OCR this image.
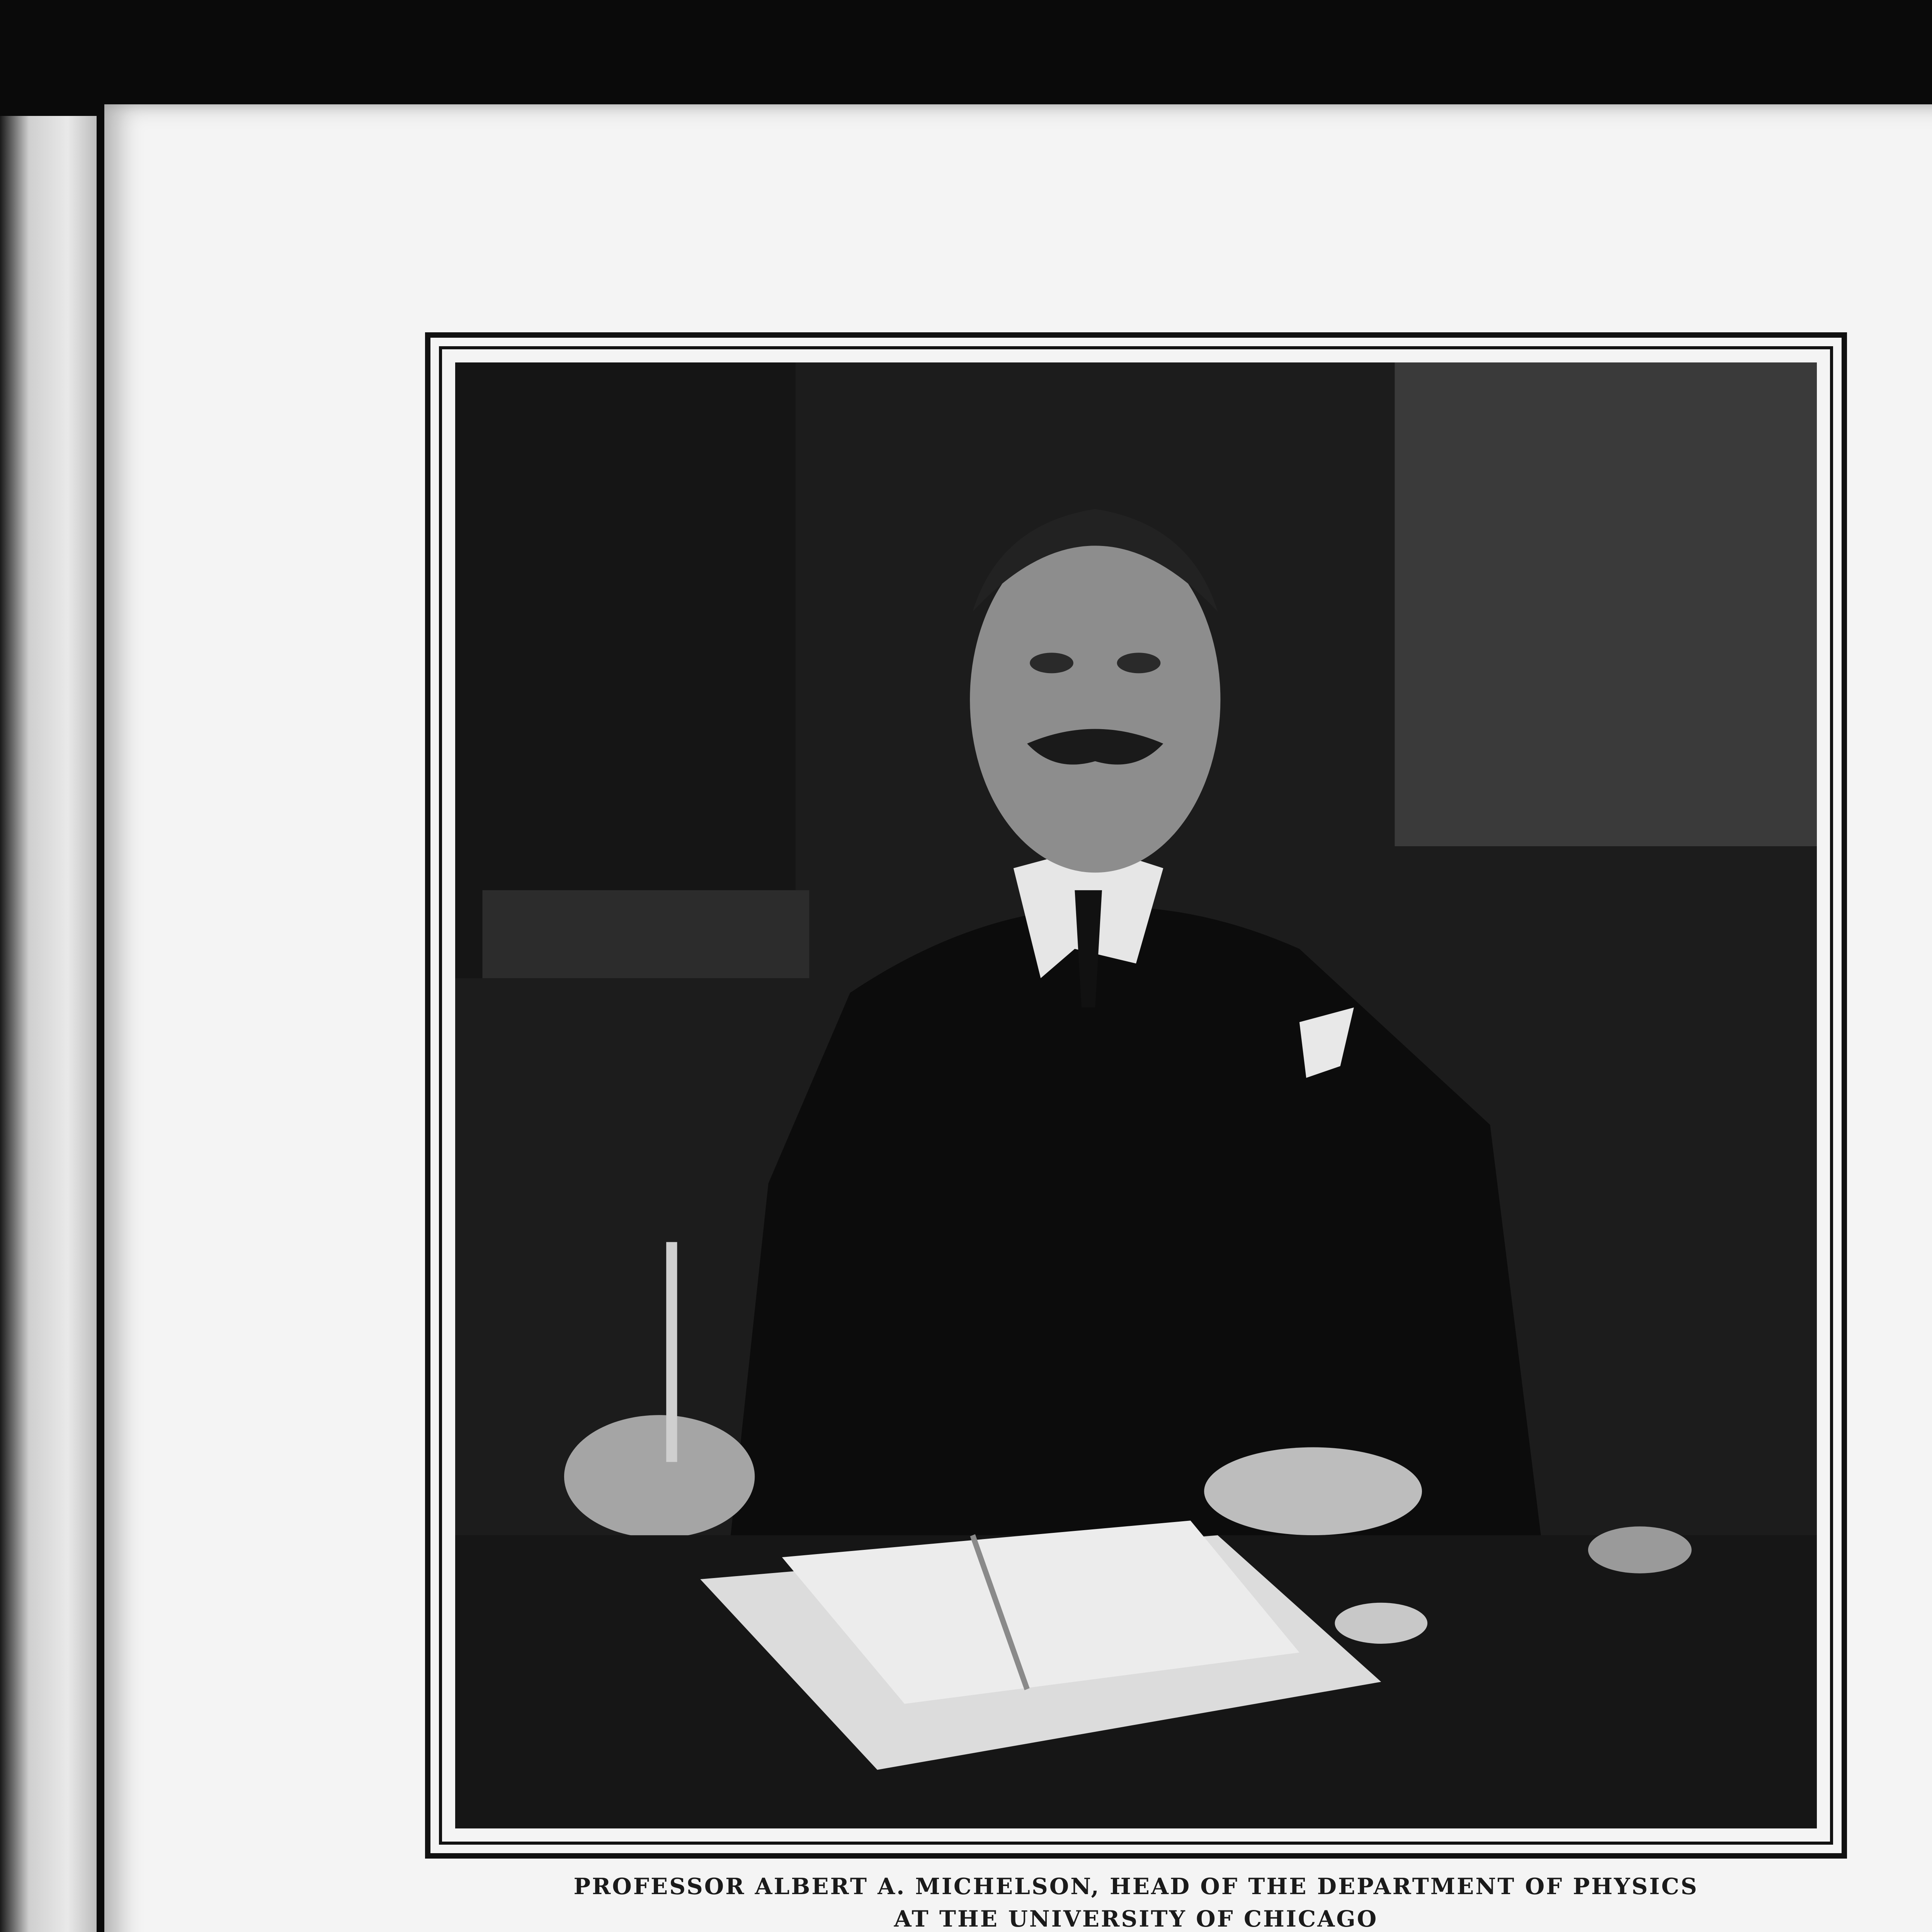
PROFESSOR ALBERT A. MICHELSON, HEAD OF THE DEPARTMENT OF PHYSICS
AT THE UNIVERSITY OF CHICAGO
